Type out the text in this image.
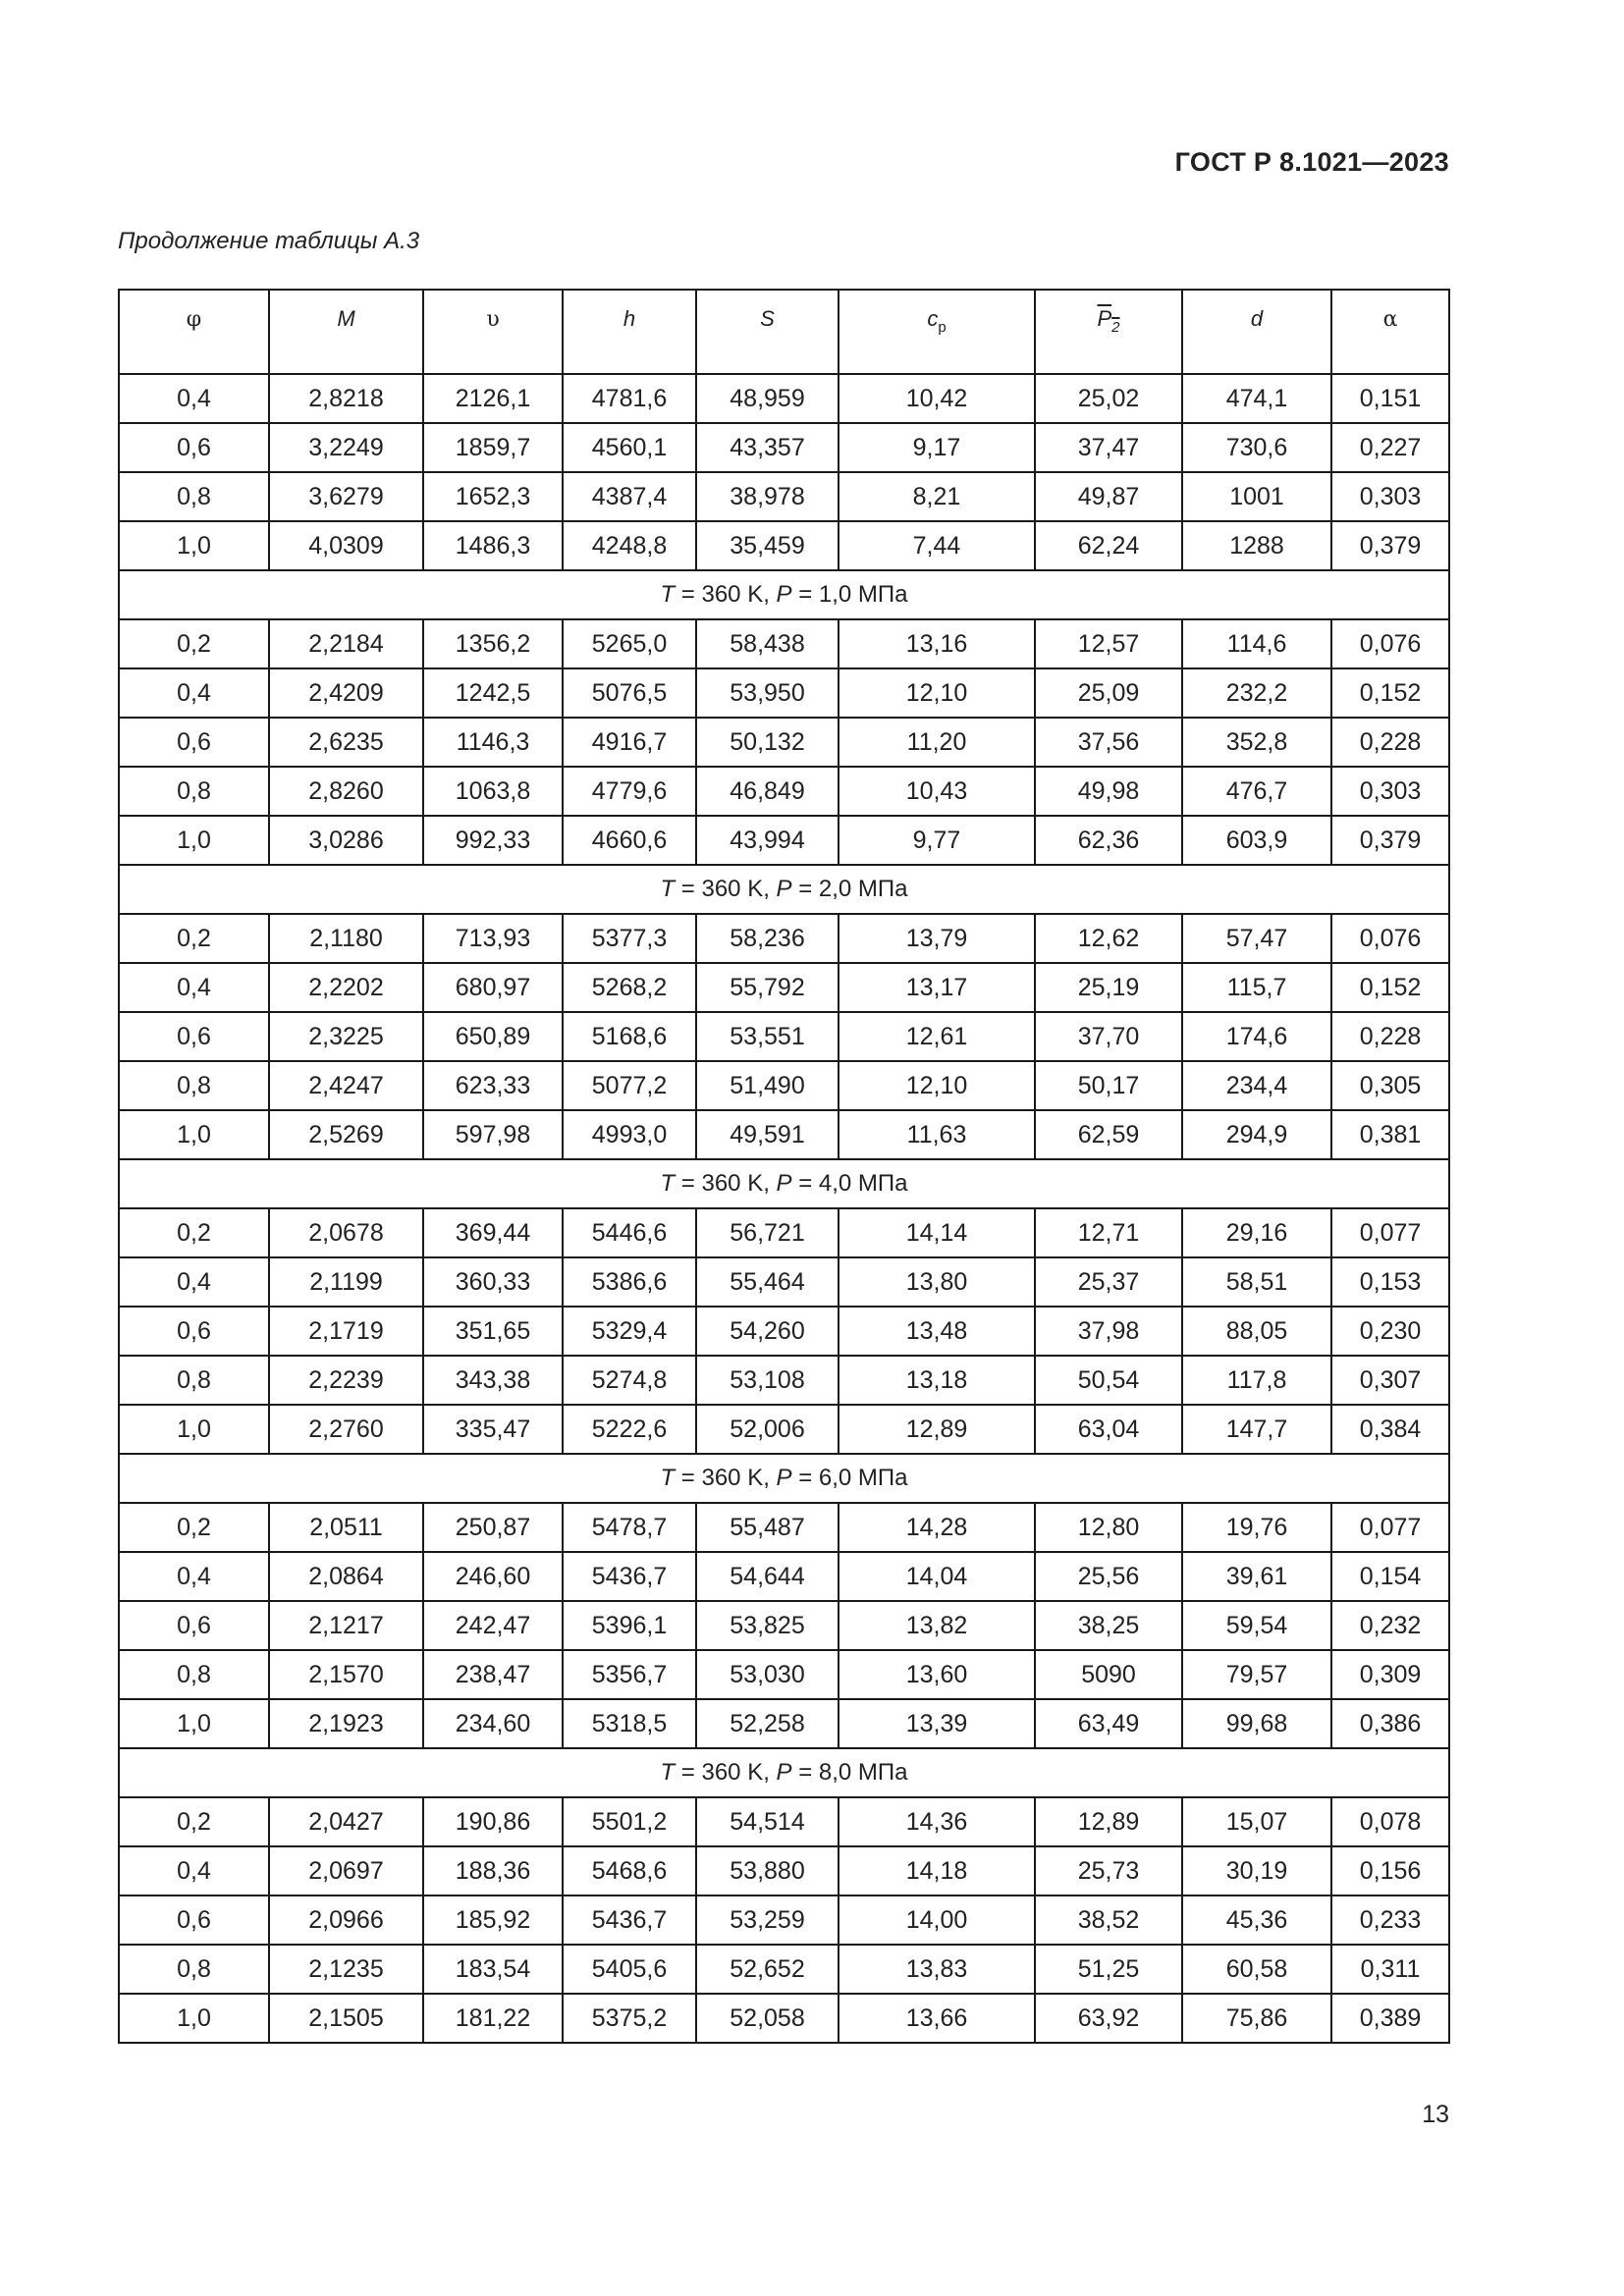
ГОСТ Р 8.1021—2023
Продолжение таблицы А.3
φ	M	υ	h	S	$c_p$	$P_2$	d	α
0,4	2,8218	2126,1	4781,6	48,959	10,42	25,02	474,1	0,151
0,6	3,2249	1859,7	4560,1	43,357	9,17	37,47	730,6	0,227
0,8	3,6279	1652,3	4387,4	38,978	8,21	49,87	1001	0,303
1,0	4,0309	1486,3	4248,8	35,459	7,44	62,24	1288	0,379
T = 360 K, P = 1,0 МПа								
0,2	2,2184	1356,2	5265,0	58,438	13,16	12,57	114,6	0,076
0,4	2,4209	1242,5	5076,5	53,950	12,10	25,09	232,2	0,152
0,6	2,6235	1146,3	4916,7	50,132	11,20	37,56	352,8	0,228
0,8	2,8260	1063,8	4779,6	46,849	10,43	49,98	476,7	0,303
1,0	3,0286	992,33	4660,6	43,994	9,77	62,36	603,9	0,379
T = 360 K, P = 2,0 МПа								
0,2	2,1180	713,93	5377,3	58,236	13,79	12,62	57,47	0,076
0,4	2,2202	680,97	5268,2	55,792	13,17	25,19	115,7	0,152
0,6	2,3225	650,89	5168,6	53,551	12,61	37,70	174,6	0,228
0,8	2,4247	623,33	5077,2	51,490	12,10	50,17	234,4	0,305
1,0	2,5269	597,98	4993,0	49,591	11,63	62,59	294,9	0,381
T = 360 K, P = 4,0 МПа								
0,2	2,0678	369,44	5446,6	56,721	14,14	12,71	29,16	0,077
0,4	2,1199	360,33	5386,6	55,464	13,80	25,37	58,51	0,153
0,6	2,1719	351,65	5329,4	54,260	13,48	37,98	88,05	0,230
0,8	2,2239	343,38	5274,8	53,108	13,18	50,54	117,8	0,307
1,0	2,2760	335,47	5222,6	52,006	12,89	63,04	147,7	0,384
T = 360 K, P = 6,0 МПа								
0,2	2,0511	250,87	5478,7	55,487	14,28	12,80	19,76	0,077
0,4	2,0864	246,60	5436,7	54,644	14,04	25,56	39,61	0,154
0,6	2,1217	242,47	5396,1	53,825	13,82	38,25	59,54	0,232
0,8	2,1570	238,47	5356,7	53,030	13,60	5090	79,57	0,309
1,0	2,1923	234,60	5318,5	52,258	13,39	63,49	99,68	0,386
T = 360 K, P = 8,0 МПа								
0,2	2,0427	190,86	5501,2	54,514	14,36	12,89	15,07	0,078
0,4	2,0697	188,36	5468,6	53,880	14,18	25,73	30,19	0,156
0,6	2,0966	185,92	5436,7	53,259	14,00	38,52	45,36	0,233
0,8	2,1235	183,54	5405,6	52,652	13,83	51,25	60,58	0,311
1,0	2,1505	181,22	5375,2	52,058	13,66	63,92	75,86	0,389
13
